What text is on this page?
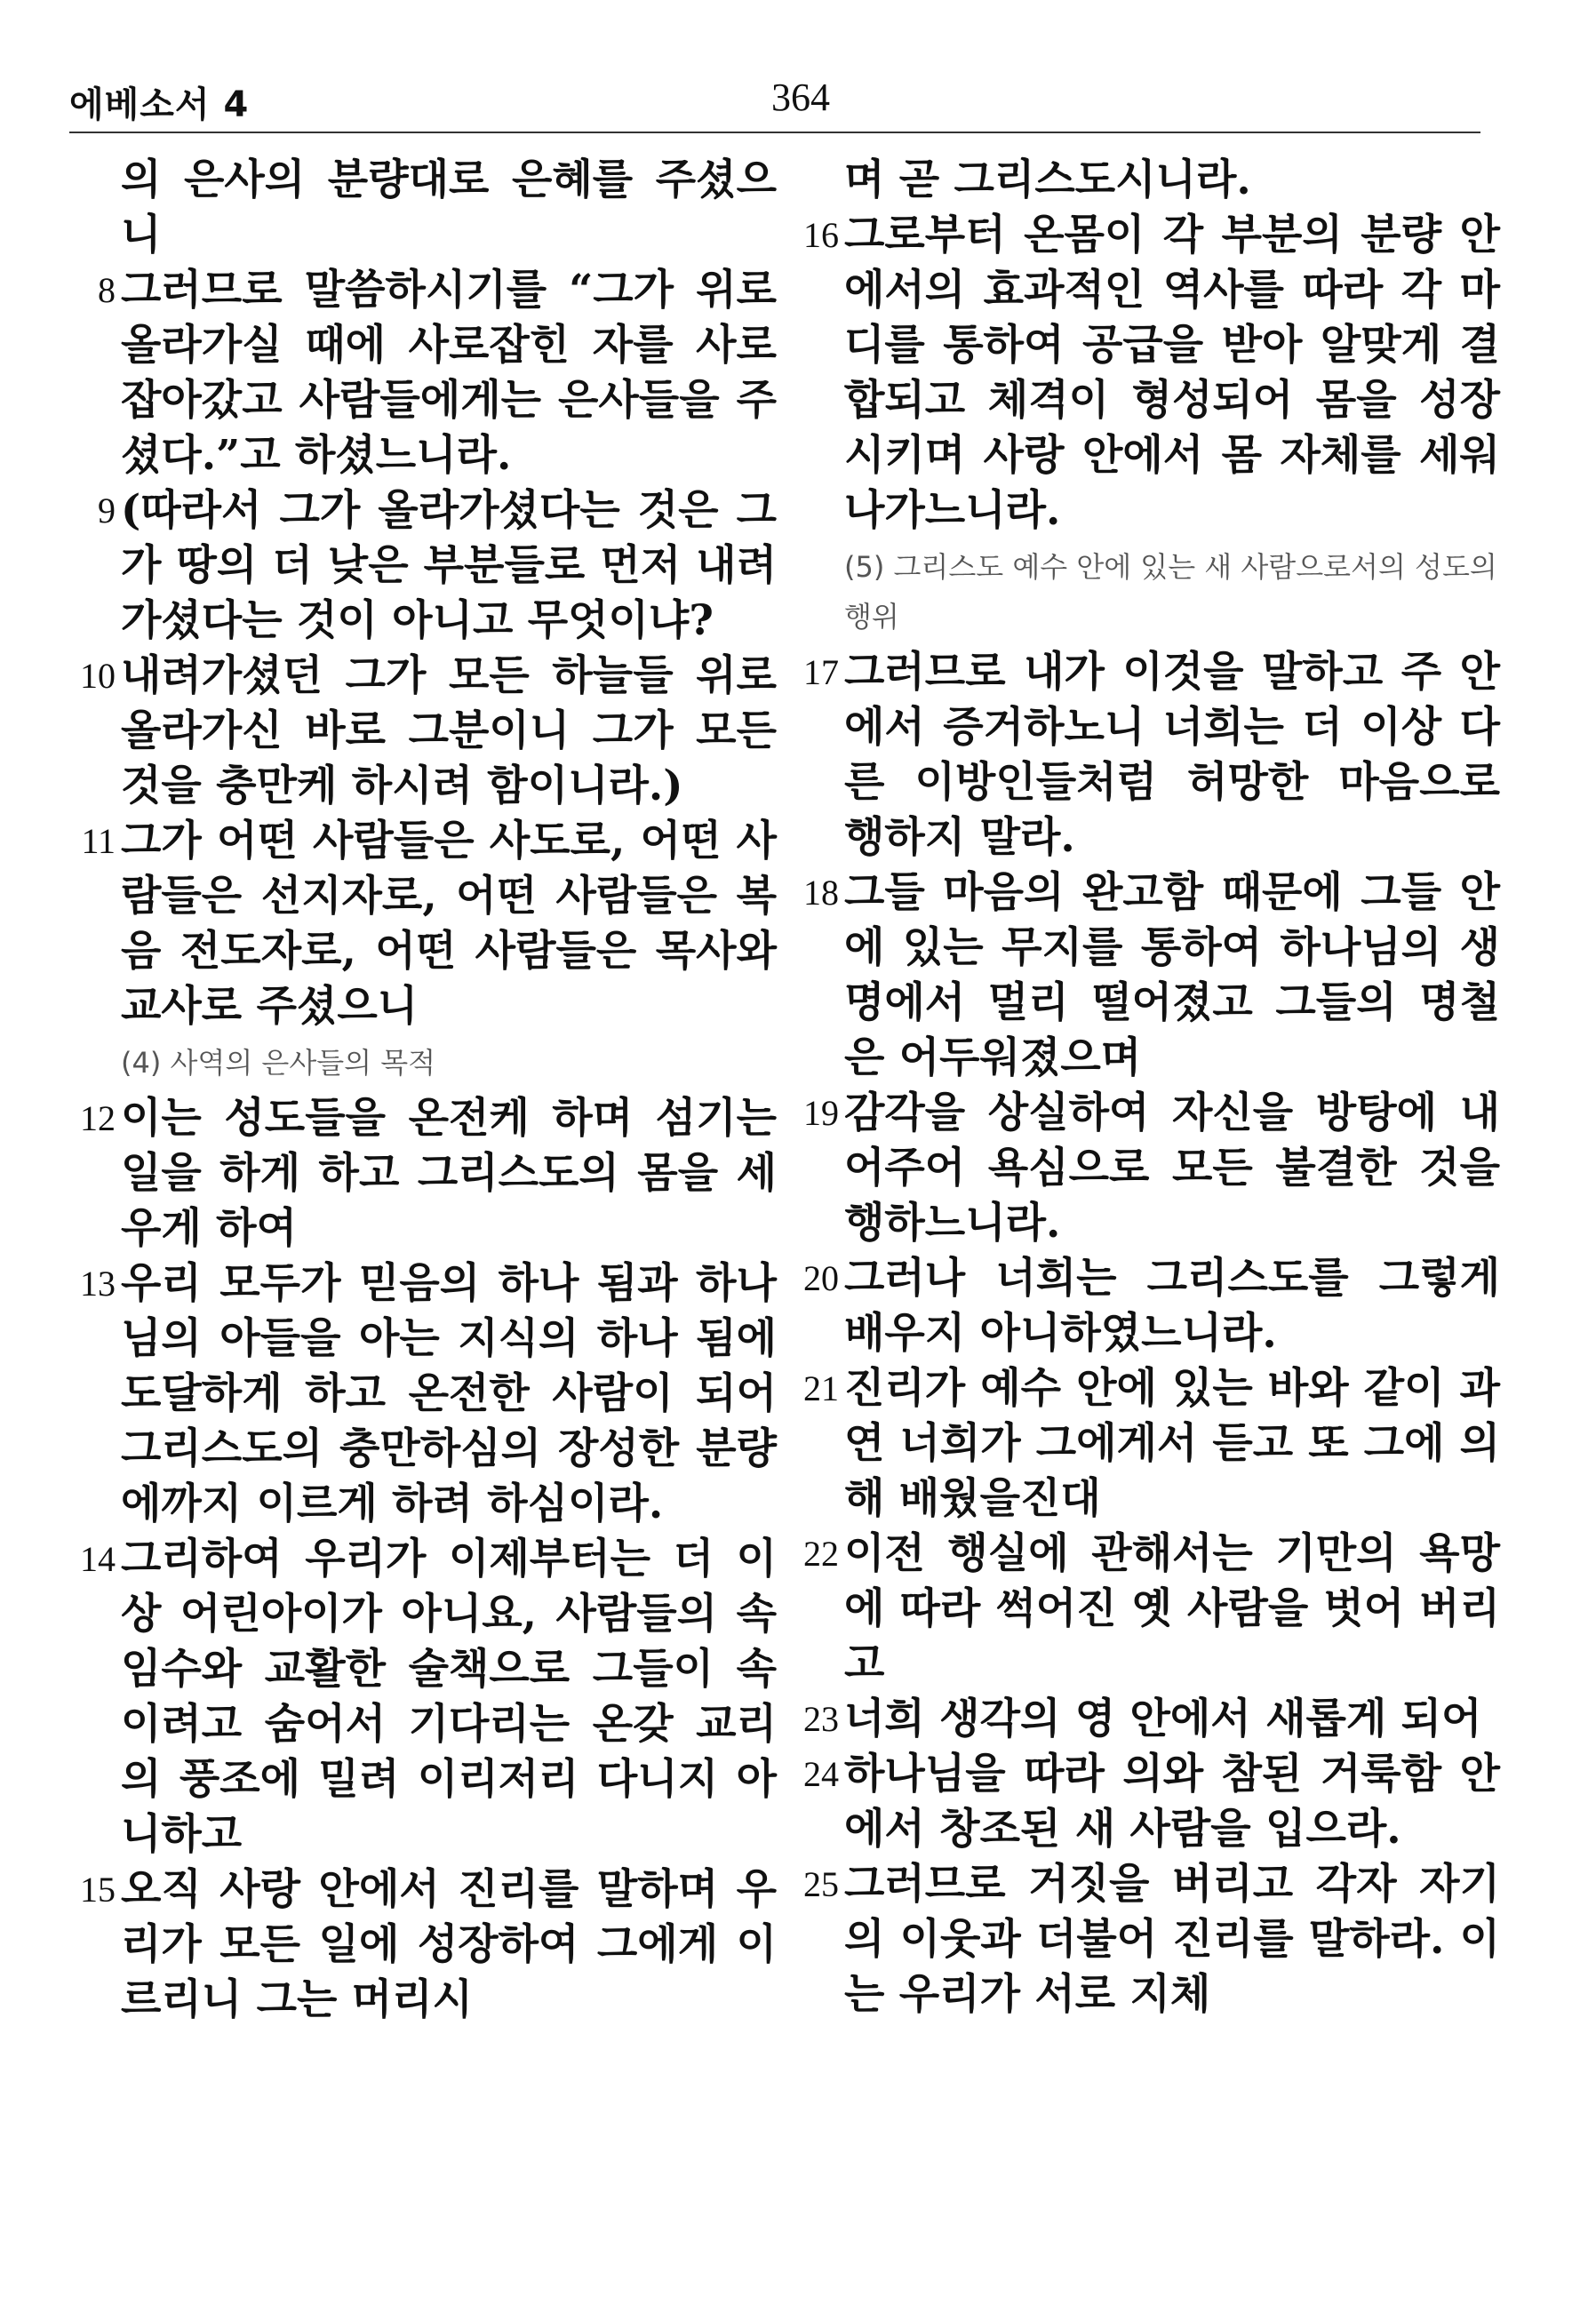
에베소서 4	364

의 은사의 분량대로 은혜를 주셨으니

8 그러므로 말씀하시기를 “그가 위로 올라가실 때에 사로잡힌 자를 사로잡아갔고 사람들에게는 은사들을 주셨다.”고 하셨느니라.

9 (따라서 그가 올라가셨다는 것은 그가 땅의 더 낮은 부분들로 먼저 내려가셨다는 것이 아니고 무엇이냐?

10 내려가셨던 그가 모든 하늘들 위로 올라가신 바로 그분이니 그가 모든 것을 충만케 하시려 함이니라.)

11 그가 어떤 사람들은 사도로, 어떤 사람들은 선지자로, 어떤 사람들은 복음 전도자로, 어떤 사람들은 목사와 교사로 주셨으니

(4) 사역의 은사들의 목적

12 이는 성도들을 온전케 하며 섬기는 일을 하게 하고 그리스도의 몸을 세우게 하여

13 우리 모두가 믿음의 하나 됨과 하나님의 아들을 아는 지식의 하나 됨에 도달하게 하고 온전한 사람이 되어 그리스도의 충만하심의 장성한 분량에까지 이르게 하려 하심이라.

14 그리하여 우리가 이제부터는 더 이상 어린아이가 아니요, 사람들의 속임수와 교활한 술책으로 그들이 속이려고 숨어서 기다리는 온갖 교리의 풍조에 밀려 이리저리 다니지 아니하고

15 오직 사랑 안에서 진리를 말하며 우리가 모든 일에 성장하여 그에게 이르리니 그는 머리시

며 곧 그리스도시니라.

16 그로부터 온몸이 각 부분의 분량 안에서의 효과적인 역사를 따라 각 마디를 통하여 공급을 받아 알맞게 결합되고 체격이 형성되어 몸을 성장시키며 사랑 안에서 몸 자체를 세워 나가느니라.

(5) 그리스도 예수 안에 있는 새 사람으로서의 성도의 행위

17 그러므로 내가 이것을 말하고 주 안에서 증거하노니 너희는 더 이상 다른 이방인들처럼 허망한 마음으로 행하지 말라.

18 그들 마음의 완고함 때문에 그들 안에 있는 무지를 통하여 하나님의 생명에서 멀리 떨어졌고 그들의 명철은 어두워졌으며

19 감각을 상실하여 자신을 방탕에 내어주어 욕심으로 모든 불결한 것을 행하느니라.

20 그러나 너희는 그리스도를 그렇게 배우지 아니하였느니라.

21 진리가 예수 안에 있는 바와 같이 과연 너희가 그에게서 듣고 또 그에 의해 배웠을진대

22 이전 행실에 관해서는 기만의 욕망에 따라 썩어진 옛 사람을 벗어 버리고

23 너희 생각의 영 안에서 새롭게 되어

24 하나님을 따라 의와 참된 거룩함 안에서 창조된 새 사람을 입으라.

25 그러므로 거짓을 버리고 각자 자기의 이웃과 더불어 진리를 말하라. 이는 우리가 서로 지체
